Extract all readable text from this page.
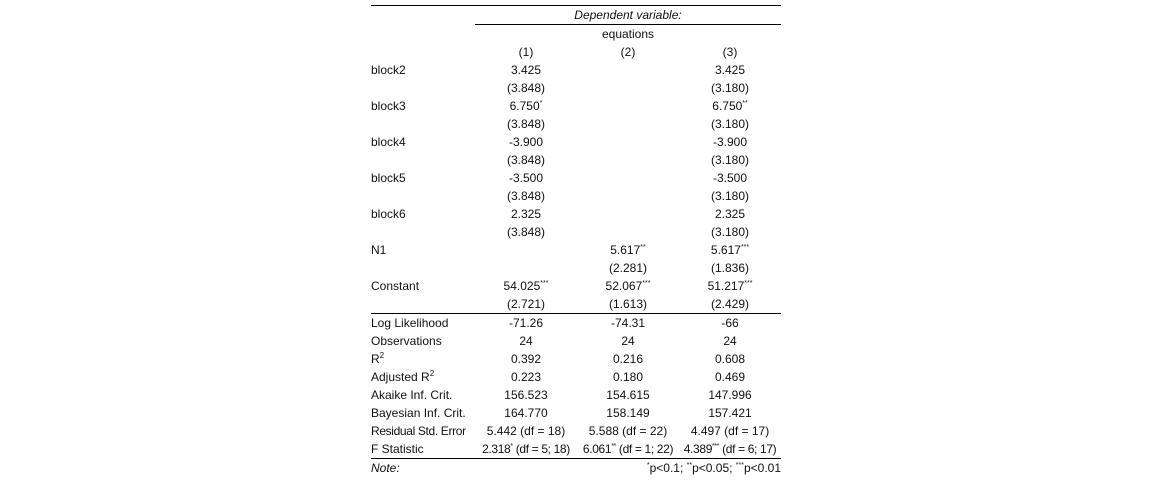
	Dependent variable:		
	equations		
	(1)	(2)	(3)
block2	3.425		3.425
	(3.848)		(3.180)
block3	6.750*		6.750**
	(3.848)		(3.180)
block4	-3.900		-3.900
	(3.848)		(3.180)
block5	-3.500		-3.500
	(3.848)		(3.180)
block6	2.325		2.325
	(3.848)		(3.180)
N1		5.617**	5.617***
		(2.281)	(1.836)
Constant	54.025***	52.067***	51.217***
	(2.721)	(1.613)	(2.429)
Log Likelihood	-71.26	-74.31	-66
Observations	24	24	24
$R^2$	0.392	0.216	0.608
Adjusted $R^2$	0.223	0.180	0.469
Akaike Inf. Crit.	156.523	154.615	147.996
Bayesian Inf. Crit.	164.770	158.149	157.421
Residual Std. Error	5.442 (df = 18)	5.588 (df = 22)	4.497 (df = 17)
F Statistic	2.318* (df = 5; 18)	6.061** (df = 1; 22)	4.389*** (df = 6; 17)
Note:	*p<0.1; **p<0.05; ***p<0.01		
